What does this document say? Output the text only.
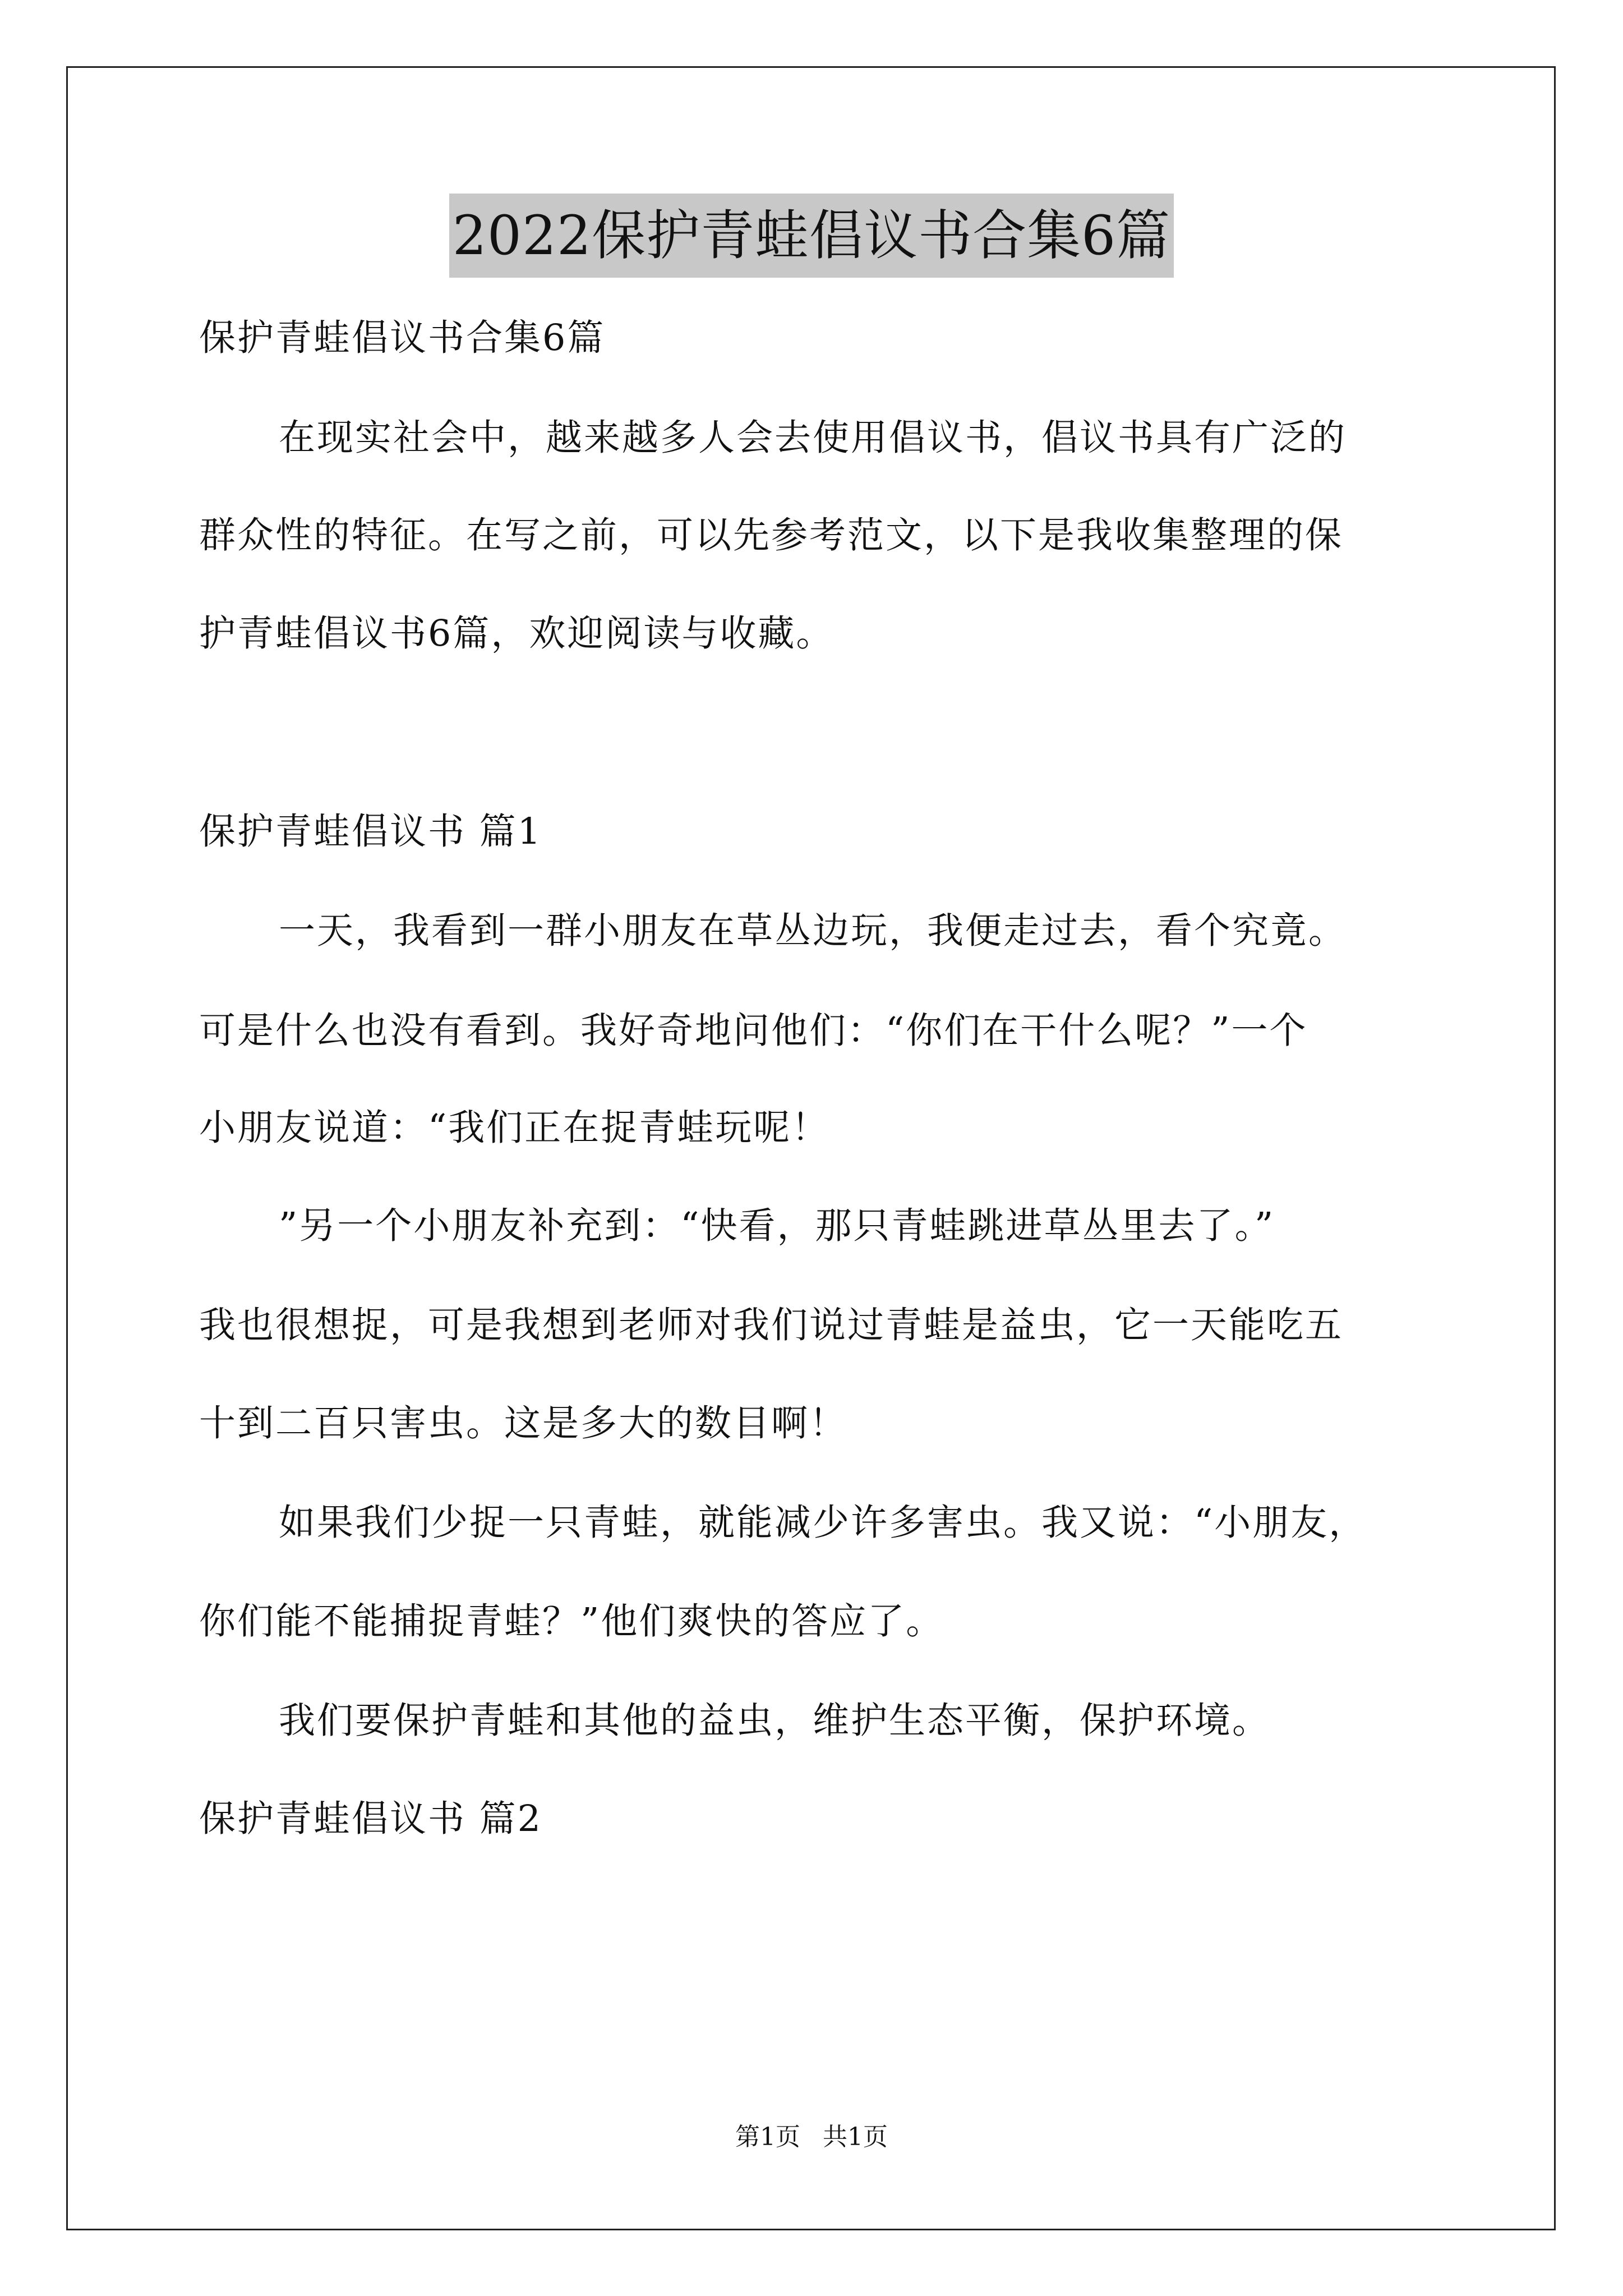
2022保护青蛙倡议书合集6篇

保护青蛙倡议书合集6篇

在现实社会中，越来越多人会去使用倡议书，倡议书具有广泛的

群众性的特征。在写之前，可以先参考范文，以下是我收集整理的保

护青蛙倡议书6篇，欢迎阅读与收藏。

保护青蛙倡议书 篇1

一天，我看到一群小朋友在草丛边玩，我便走过去，看个究竟。

可是什么也没有看到。我好奇地问他们：“你们在干什么呢？”一个

小朋友说道：“我们正在捉青蛙玩呢！

”另一个小朋友补充到：“快看，那只青蛙跳进草丛里去了。”

我也很想捉，可是我想到老师对我们说过青蛙是益虫，它一天能吃五

十到二百只害虫。这是多大的数目啊！

如果我们少捉一只青蛙，就能减少许多害虫。我又说：“小朋友，

你们能不能捕捉青蛙？”他们爽快的答应了。

我们要保护青蛙和其他的益虫，维护生态平衡，保护环境。

保护青蛙倡议书 篇2

第1页 共1页
